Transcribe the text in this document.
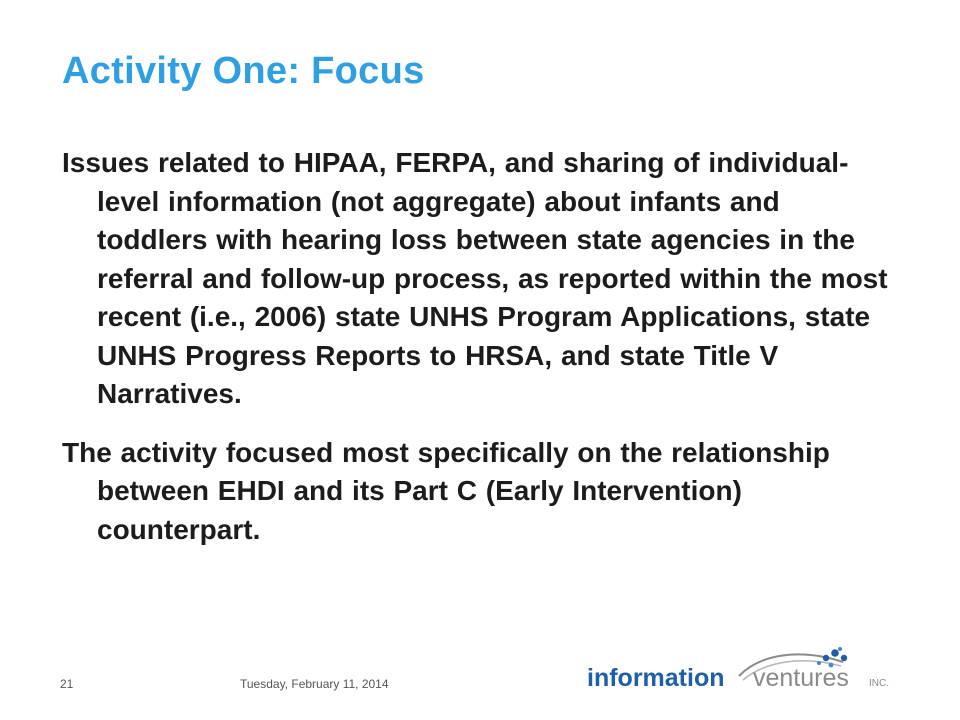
Activity One: Focus

Issues related to HIPAA, FERPA, and sharing of individual-level information (not aggregate) about infants and toddlers with hearing loss between state agencies in the referral and follow-up process, as reported within the most recent (i.e., 2006) state UNHS Program Applications, state UNHS Progress Reports to HRSA, and state Title V Narratives.

The activity focused most specifically on the relationship between EHDI and its Part C (Early Intervention) counterpart.

21	Tuesday, February 11, 2014	information ventures INC.
